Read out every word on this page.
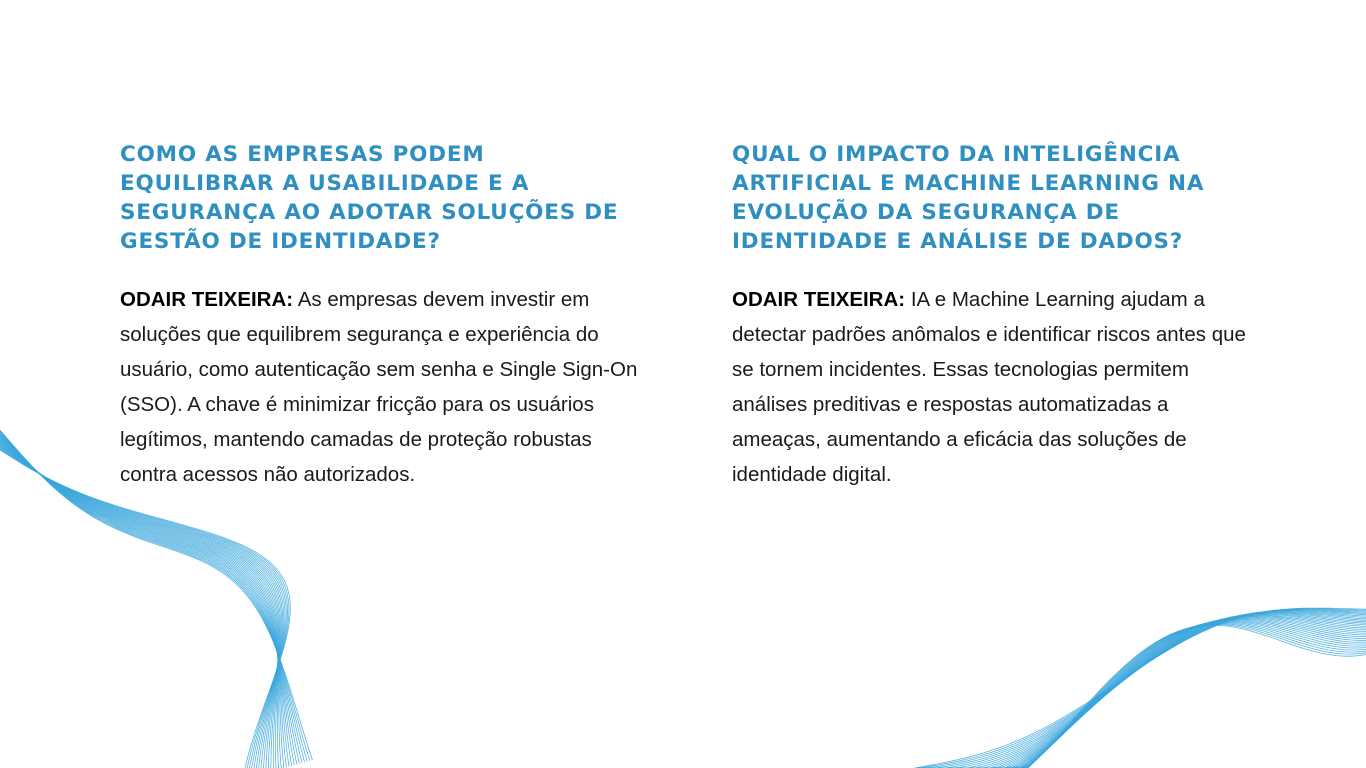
COMO AS EMPRESAS PODEM EQUILIBRAR A USABILIDADE E A SEGURANÇA AO ADOTAR SOLUÇÕES DE GESTÃO DE IDENTIDADE?

ODAIR TEIXEIRA: As empresas devem investir em soluções que equilibrem segurança e experiência do usuário, como autenticação sem senha e Single Sign-On (SSO). A chave é minimizar fricção para os usuários legítimos, mantendo camadas de proteção robustas contra acessos não autorizados.

QUAL O IMPACTO DA INTELIGÊNCIA ARTIFICIAL E MACHINE LEARNING NA EVOLUÇÃO DA SEGURANÇA DE IDENTIDADE E ANÁLISE DE DADOS?

ODAIR TEIXEIRA: IA e Machine Learning ajudam a detectar padrões anômalos e identificar riscos antes que se tornem incidentes. Essas tecnologias permitem análises preditivas e respostas automatizadas a ameaças, aumentando a eficácia das soluções de identidade digital.
